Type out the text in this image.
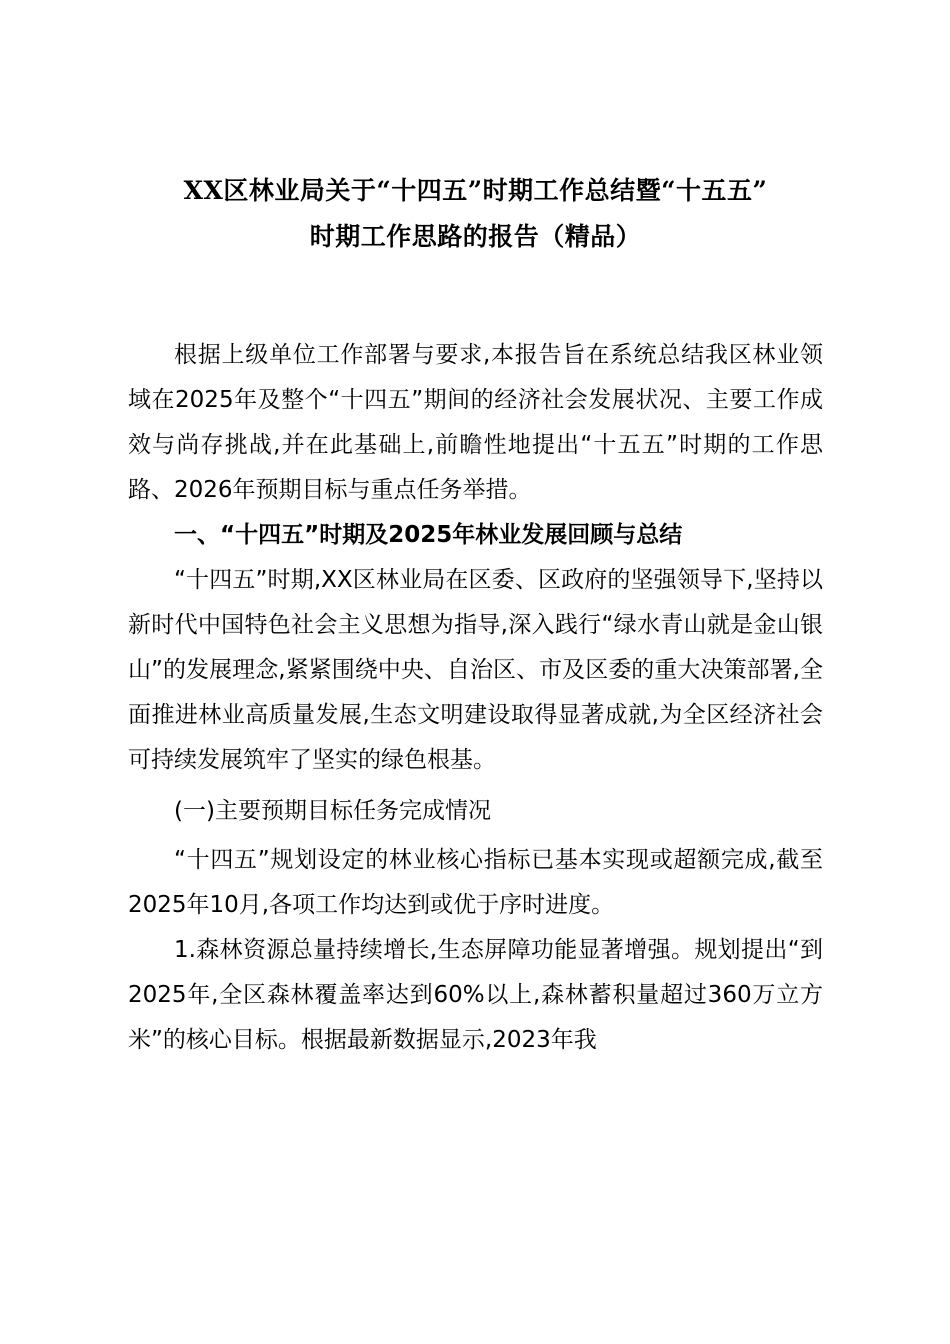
XX区林业局关于“十四五”时期工作总结暨“十五五”
时期工作思路的报告（精品）

根据上级单位工作部署与要求,本报告旨在系统总结我区林业领域在2025年及整个“十四五”期间的经济社会发展状况、主要工作成效与尚存挑战,并在此基础上,前瞻性地提出“十五五”时期的工作思路、2026年预期目标与重点任务举措。

一、“十四五”时期及2025年林业发展回顾与总结

“十四五”时期,XX区林业局在区委、区政府的坚强领导下,坚持以新时代中国特色社会主义思想为指导,深入践行“绿水青山就是金山银山”的发展理念,紧紧围绕中央、自治区、市及区委的重大决策部署,全面推进林业高质量发展,生态文明建设取得显著成就,为全区经济社会可持续发展筑牢了坚实的绿色根基。

(一)主要预期目标任务完成情况

“十四五”规划设定的林业核心指标已基本实现或超额完成,截至2025年10月,各项工作均达到或优于序时进度。

1.森林资源总量持续增长,生态屏障功能显著增强。规划提出“到2025年,全区森林覆盖率达到60%以上,森林蓄积量超过360万立方米”的核心目标。根据最新数据显示,2023年我
